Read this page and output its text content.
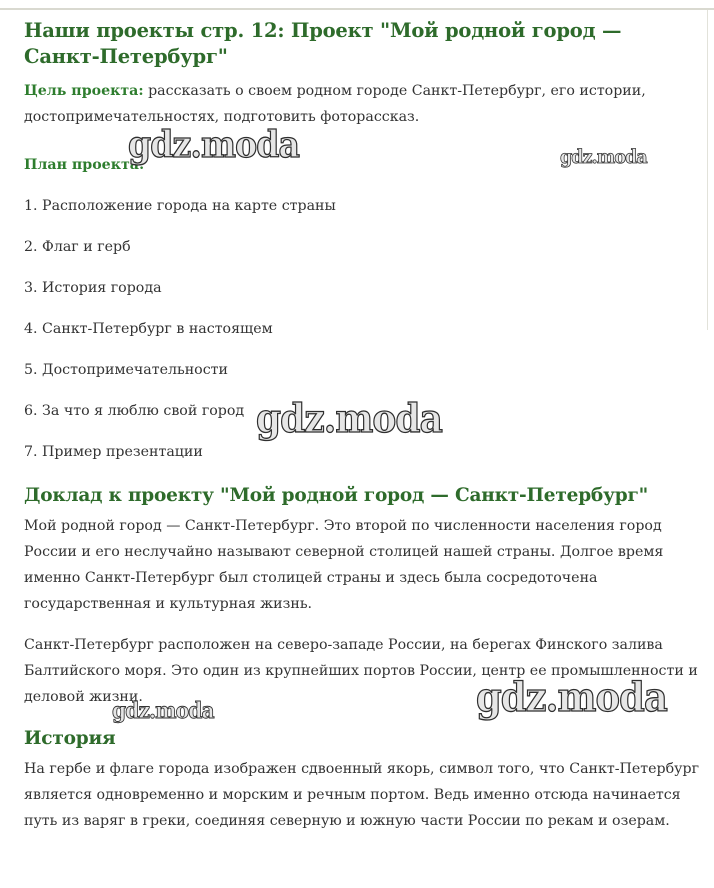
Наши проекты стр. 12: Проект "Мой родной город — Санкт-Петербург"

Цель проекта: рассказать о своем родном городе Санкт-Петербург, его истории, достопримечательностях, подготовить фоторассказ.

План проекта:

1. Расположение города на карте страны

2. Флаг и герб

3. История города

4. Санкт-Петербург в настоящем

5. Достопримечательности

6. За что я люблю свой город

7. Пример презентации

Доклад к проекту "Мой родной город — Санкт-Петербург"

Мой родной город — Санкт-Петербург. Это второй по численности населения город России и его неслучайно называют северной столицей нашей страны. Долгое время именно Санкт-Петербург был столицей страны и здесь была сосредоточена государственная и культурная жизнь.

Санкт-Петербург расположен на северо-западе России, на берегах Финского залива Балтийского моря. Это один из крупнейших портов России, центр ее промышленности и деловой жизни.

История

На гербе и флаге города изображен сдвоенный якорь, символ того, что Санкт-Петербург является одновременно и морским и речным портом. Ведь именно отсюда начинается путь из варяг в греки, соединяя северную и южную части России по рекам и озерам.

gdz.moda	gdz.moda
gdz.moda
gdz.moda
gdz.moda
